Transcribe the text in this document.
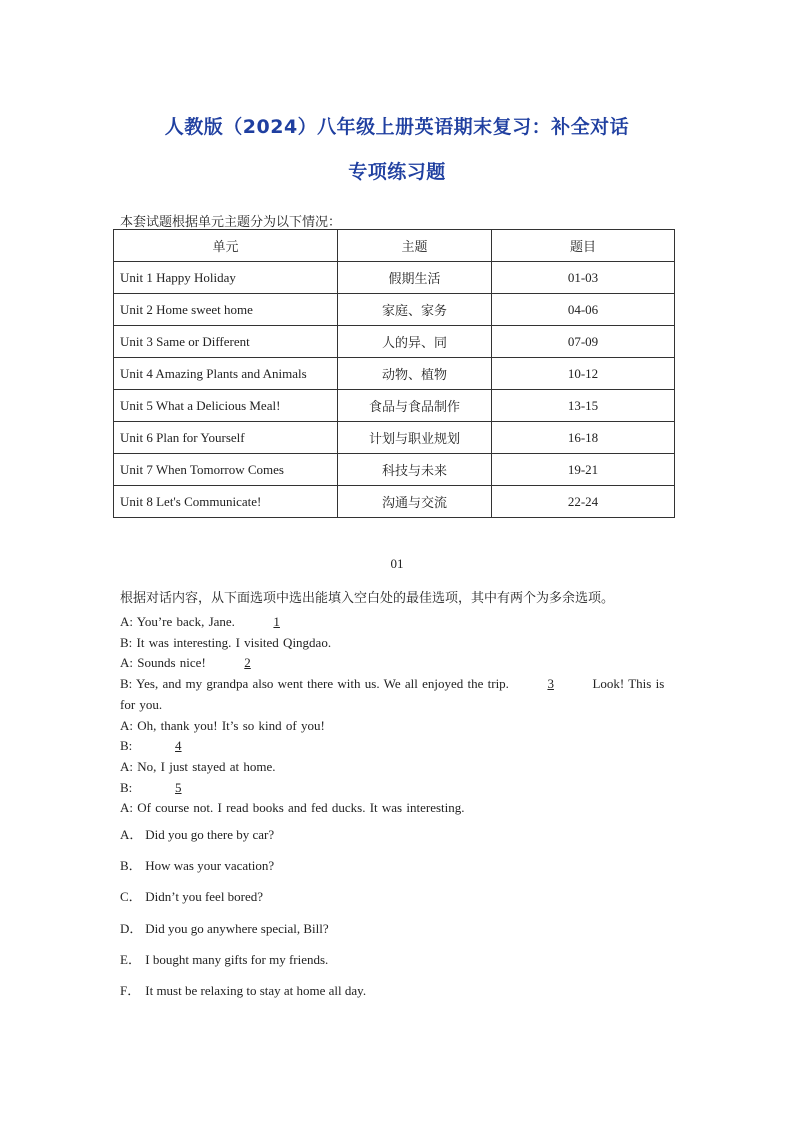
人教版（2024）八年级上册英语期末复习：补全对话
专项练习题
本套试题根据单元主题分为以下情况：
单元	主题	题目
Unit 1 Happy Holiday	假期生活	01-03
Unit 2 Home sweet home	家庭、家务	04-06
Unit 3 Same or Different	人的异、同	07-09
Unit 4 Amazing Plants and Animals	动物、植物	10-12
Unit 5 What a Delicious Meal!	食品与食品制作	13-15
Unit 6 Plan for Yourself	计划与职业规划	16-18
Unit 7 When Tomorrow Comes	科技与未来	19-21
Unit 8 Let's Communicate!	沟通与交流	22-24
01
根据对话内容，从下面选项中选出能填入空白处的最佳选项，其中有两个为多余选项。
A: You’re back, Jane.	1
B: It was interesting. I visited Qingdao.
A: Sounds nice!	2
B: Yes, and my grandpa also went there with us. We all enjoyed the trip.	3	Look! This is for you.
A: Oh, thank you! It’s so kind of you!
B:	4
A: No, I just stayed at home.
B:	5
A: Of course not. I read books and fed ducks. It was interesting.
A． Did you go there by car?
B． How was your vacation?
C． Didn’t you feel bored?
D． Did you go anywhere special, Bill?
E． I bought many gifts for my friends.
F． It must be relaxing to stay at home all day.
